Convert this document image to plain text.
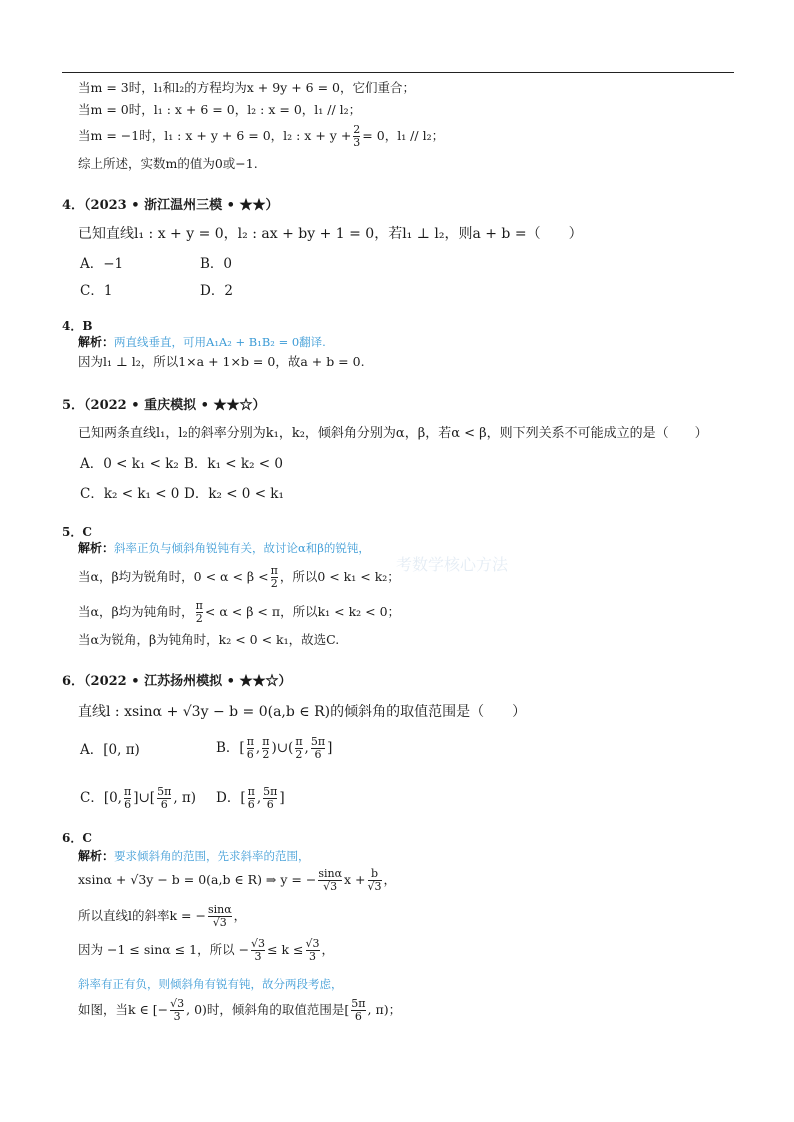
当m = 3时，l₁和l₂的方程均为x + 9y + 6 = 0，它们重合；
当m = 0时，l₁ : x + 6 = 0，l₂ : x = 0，l₁ // l₂；
当m = −1时，l₁ : x + y + 6 = 0，l₂ : $x + y + \frac{2}{3} = 0$，l₁ // l₂；
综上所述，实数m的值为0或−1.
4．（2023 • 浙江温州三模 • ★★）
已知直线l₁ : x + y = 0，l₂ : ax + by + 1 = 0，若l₁ ⊥ l₂，则a + b =（　　）
A．−1	B．0
C．1	D．2
4．B
解析：两直线垂直，可用A₁A₂ + B₁B₂ = 0翻译.
因为l₁ ⊥ l₂，所以1×a + 1×b = 0，故a + b = 0.
5．（2022 • 重庆模拟 • ★★☆）
已知两条直线l₁，l₂的斜率分别为k₁，k₂，倾斜角分别为α，β，若α < β，则下列关系不可能成立的是（　　）
A．0 < k₁ < k₂ B．k₁ < k₂ < 0
C．k₂ < k₁ < 0 D．k₂ < 0 < k₁
5．C
解析：斜率正负与倾斜角锐钝有关，故讨论α和β的锐钝，
考数学核心方法
当α，β均为锐角时，$0 < \alpha < \beta < \frac{\pi}{2}$ ，所以0 < k₁ < k₂；
当α，β均为钝角时， $\frac{\pi}{2} < \alpha < \beta < \pi$，所以k₁ < k₂ < 0；
当α为锐角，β为钝角时，k₂ < 0 < k₁，故选C.
6．（2022 • 江苏扬州模拟 • ★★☆）
直线l : xsinα + √3y − b = 0(a,b ∈ R)的倾斜角的取值范围是（　　）
A．[0, π)	B．[ $\frac{\pi}{6}$ , $\frac{\pi}{2}$ )∪( $\frac{\pi}{2}$ , $\frac{5\pi}{6}$ ]
C．[0, $\frac{\pi}{6}$ ]∪[ $\frac{5\pi}{6}$ , π) D．[ $\frac{\pi}{6}$ , $\frac{5\pi}{6}$ ]
6．C
解析：要求倾斜角的范围，先求斜率的范围，
xsinα + √3y − b = 0(a,b ∈ R) ⇒ y = − $\frac{\sin\alpha}{√3}$ $x + \frac{b}{√3}$ ，
所以直线l的斜率k = − $\frac{\sin\alpha}{√3}$ ，
因为 −1 ≤ sinα ≤ 1，所以 − $\frac{√3}{3} \le k \le \frac{√3}{3}$ ，
斜率有正有负，则倾斜角有锐有钝，故分两段考虑，
如图，当k ∈ [− $\frac{√3}{3}$ , 0)时，倾斜角的取值范围是[ $\frac{5\pi}{6}$ , π)；
